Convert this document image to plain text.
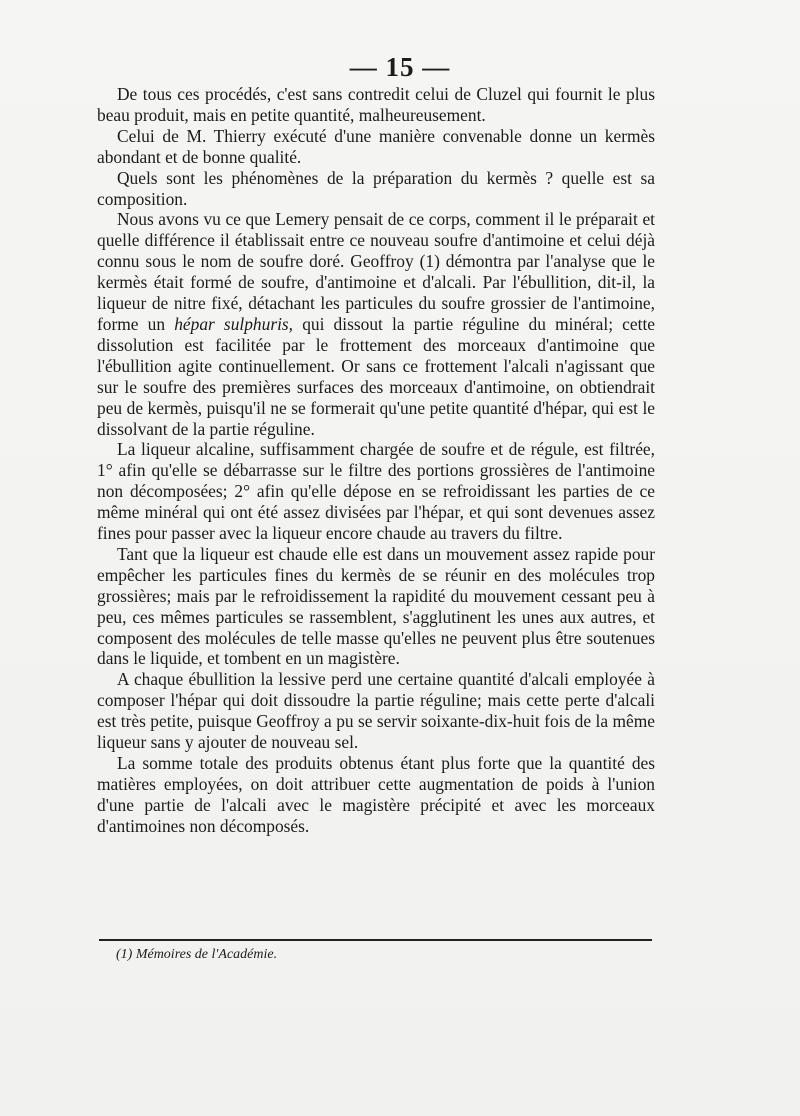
— 15 —

De tous ces procédés, c'est sans contredit celui de Cluzel qui fournit le plus beau produit, mais en petite quantité, malheureusement.

Celui de M. Thierry exécuté d'une manière convenable donne un kermès abondant et de bonne qualité.

Quels sont les phénomènes de la préparation du kermès ? quelle est sa composition.

Nous avons vu ce que Lemery pensait de ce corps, comment il le préparait et quelle différence il établissait entre ce nouveau soufre d'antimoine et celui déjà connu sous le nom de soufre doré. Geoffroy (1) démontra par l'analyse que le kermès était formé de soufre, d'antimoine et d'alcali. Par l'ébullition, dit-il, la liqueur de nitre fixé, détachant les particules du soufre grossier de l'antimoine, forme un hépar sulphuris, qui dissout la partie réguline du minéral; cette dissolution est facilitée par le frottement des morceaux d'antimoine que l'ébullition agite continuellement. Or sans ce frottement l'alcali n'agissant que sur le soufre des premières surfaces des morceaux d'antimoine, on obtiendrait peu de kermès, puisqu'il ne se formerait qu'une petite quantité d'hépar, qui est le dissolvant de la partie réguline.

La liqueur alcaline, suffisamment chargée de soufre et de régule, est filtrée, 1° afin qu'elle se débarrasse sur le filtre des portions grossières de l'antimoine non décomposées; 2° afin qu'elle dépose en se refroidissant les parties de ce même minéral qui ont été assez divisées par l'hépar, et qui sont devenues assez fines pour passer avec la liqueur encore chaude au travers du filtre.

Tant que la liqueur est chaude elle est dans un mouvement assez rapide pour empêcher les particules fines du kermès de se réunir en des molécules trop grossières; mais par le refroidissement la rapidité du mouvement cessant peu à peu, ces mêmes particules se rassemblent, s'agglutinent les unes aux autres, et composent des molécules de telle masse qu'elles ne peuvent plus être soutenues dans le liquide, et tombent en un magistère.

A chaque ébullition la lessive perd une certaine quantité d'alcali employée à composer l'hépar qui doit dissoudre la partie réguline; mais cette perte d'alcali est très petite, puisque Geoffroy a pu se servir soixante-dix-huit fois de la même liqueur sans y ajouter de nouveau sel.

La somme totale des produits obtenus étant plus forte que la quantité des matières employées, on doit attribuer cette augmentation de poids à l'union d'une partie de l'alcali avec le magistère précipité et avec les morceaux d'antimoines non décomposés.

(1) Mémoires de l'Académie.
